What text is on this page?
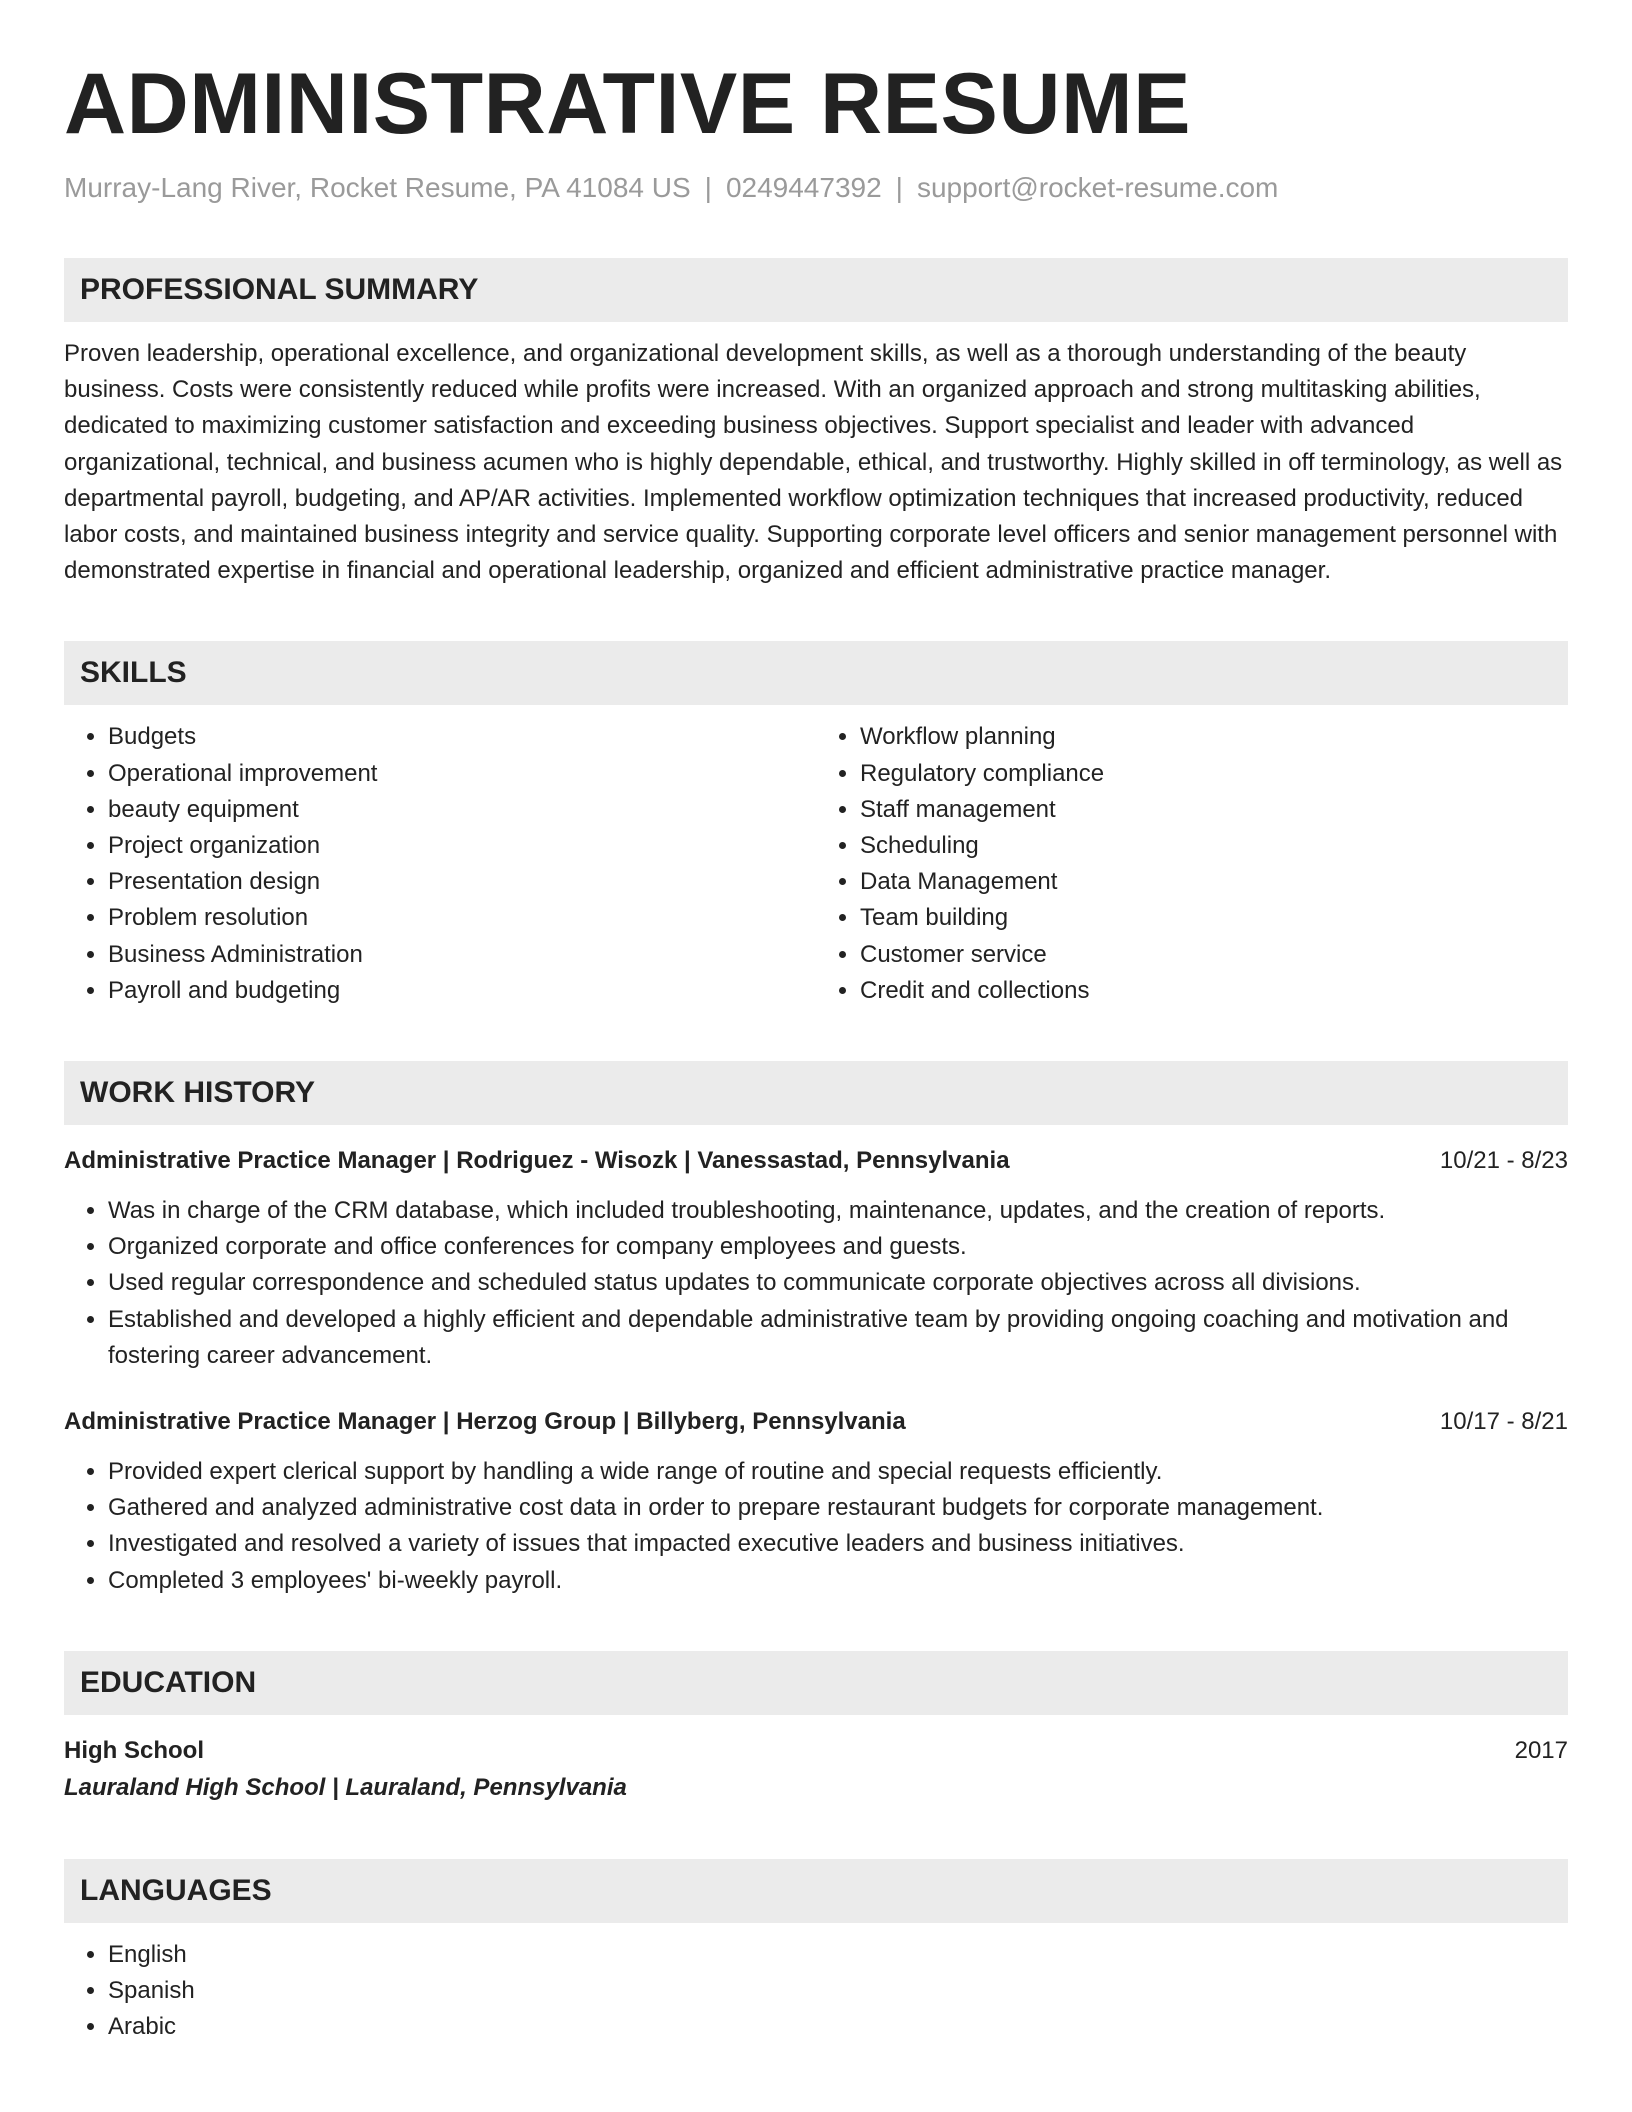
ADMINISTRATIVE RESUME
Murray-Lang River, Rocket Resume, PA 41084 US | 0249447392 | support@rocket-resume.com
PROFESSIONAL SUMMARY

Proven leadership, operational excellence, and organizational development skills, as well as a thorough understanding of the beauty business. Costs were consistently reduced while profits were increased. With an organized approach and strong multitasking abilities, dedicated to maximizing customer satisfaction and exceeding business objectives. Support specialist and leader with advanced organizational, technical, and business acumen who is highly dependable, ethical, and trustworthy. Highly skilled in off terminology, as well as departmental payroll, budgeting, and AP/AR activities. Implemented workflow optimization techniques that increased productivity, reduced labor costs, and maintained business integrity and service quality. Supporting corporate level officers and senior management personnel with demonstrated expertise in financial and operational leadership, organized and efficient administrative practice manager.

SKILLS
• Budgets
• Operational improvement
• beauty equipment
• Project organization
• Presentation design
• Problem resolution
• Business Administration
• Payroll and budgeting
• Workflow planning
• Regulatory compliance
• Staff management
• Scheduling
• Data Management
• Team building
• Customer service
• Credit and collections
WORK HISTORY
Administrative Practice Manager | Rodriguez - Wisozk | Vanessastad, Pennsylvania	10/21 - 8/23
• Was in charge of the CRM database, which included troubleshooting, maintenance, updates, and the creation of reports.
• Organized corporate and office conferences for company employees and guests.
• Used regular correspondence and scheduled status updates to communicate corporate objectives across all divisions.
• Established and developed a highly efficient and dependable administrative team by providing ongoing coaching and motivation and fostering career advancement.
Administrative Practice Manager | Herzog Group | Billyberg, Pennsylvania	10/17 - 8/21
• Provided expert clerical support by handling a wide range of routine and special requests efficiently.
• Gathered and analyzed administrative cost data in order to prepare restaurant budgets for corporate management.
• Investigated and resolved a variety of issues that impacted executive leaders and business initiatives.
• Completed 3 employees' bi-weekly payroll.
EDUCATION
High School	2017
Lauraland High School | Lauraland, Pennsylvania
LANGUAGES
• English
• Spanish
• Arabic
